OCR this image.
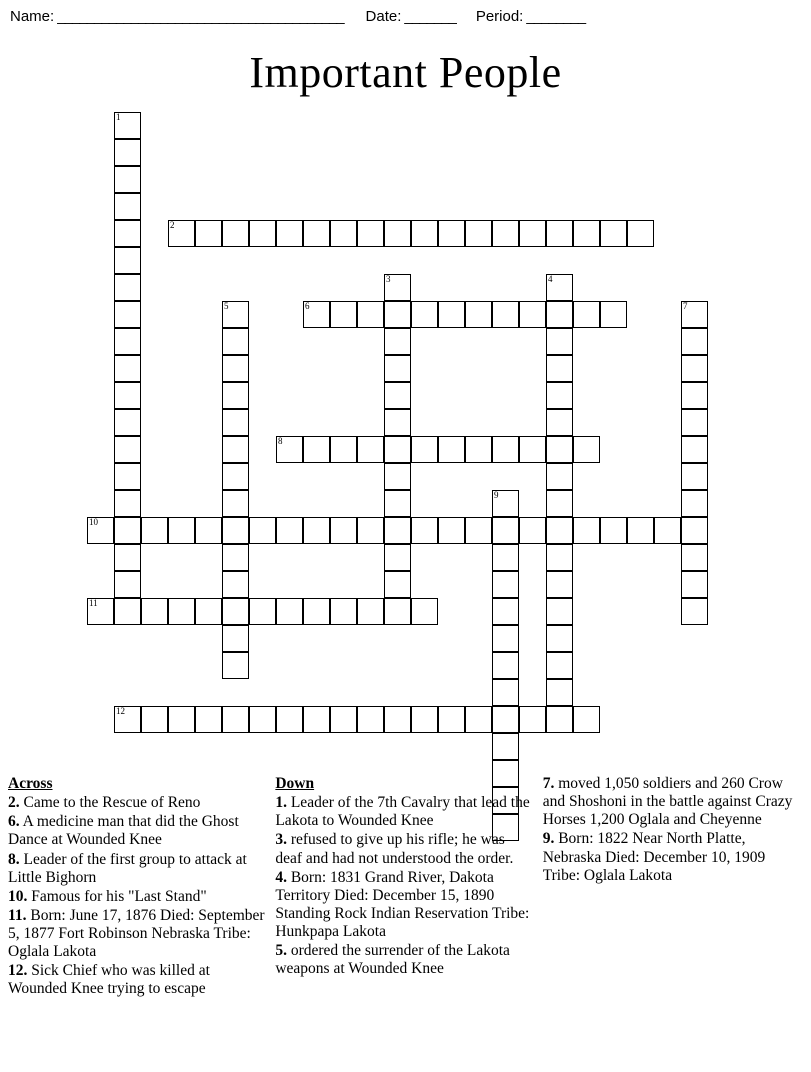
Name: _______________________________________ Date: _______ Period: ________
Important People
1
2
3	4
5	6	7
8
9
10
11
12
Across

2. Came to the Rescue of Reno

6. A medicine man that did the Ghost Dance at Wounded Knee

8. Leader of the first group to attack at Little Bighorn

10. Famous for his "Last Stand"

11. Born: June 17, 1876 Died: September 5, 1877 Fort Robinson Nebraska Tribe: Oglala Lakota

12. Sick Chief who was killed at Wounded Knee trying to escape

Down

1. Leader of the 7th Cavalry that lead the Lakota to Wounded Knee

3. refused to give up his rifle; he was deaf and had not understood the order.

4. Born: 1831 Grand River, Dakota Territory Died: December 15, 1890 Standing Rock Indian Reservation Tribe: Hunkpapa Lakota

5. ordered the surrender of the Lakota weapons at Wounded Knee

7. moved 1,050 soldiers and 260 Crow and Shoshoni in the battle against Crazy Horses 1,200 Oglala and Cheyenne

9. Born: 1822 Near North Platte, Nebraska Died: December 10, 1909 Tribe: Oglala Lakota
